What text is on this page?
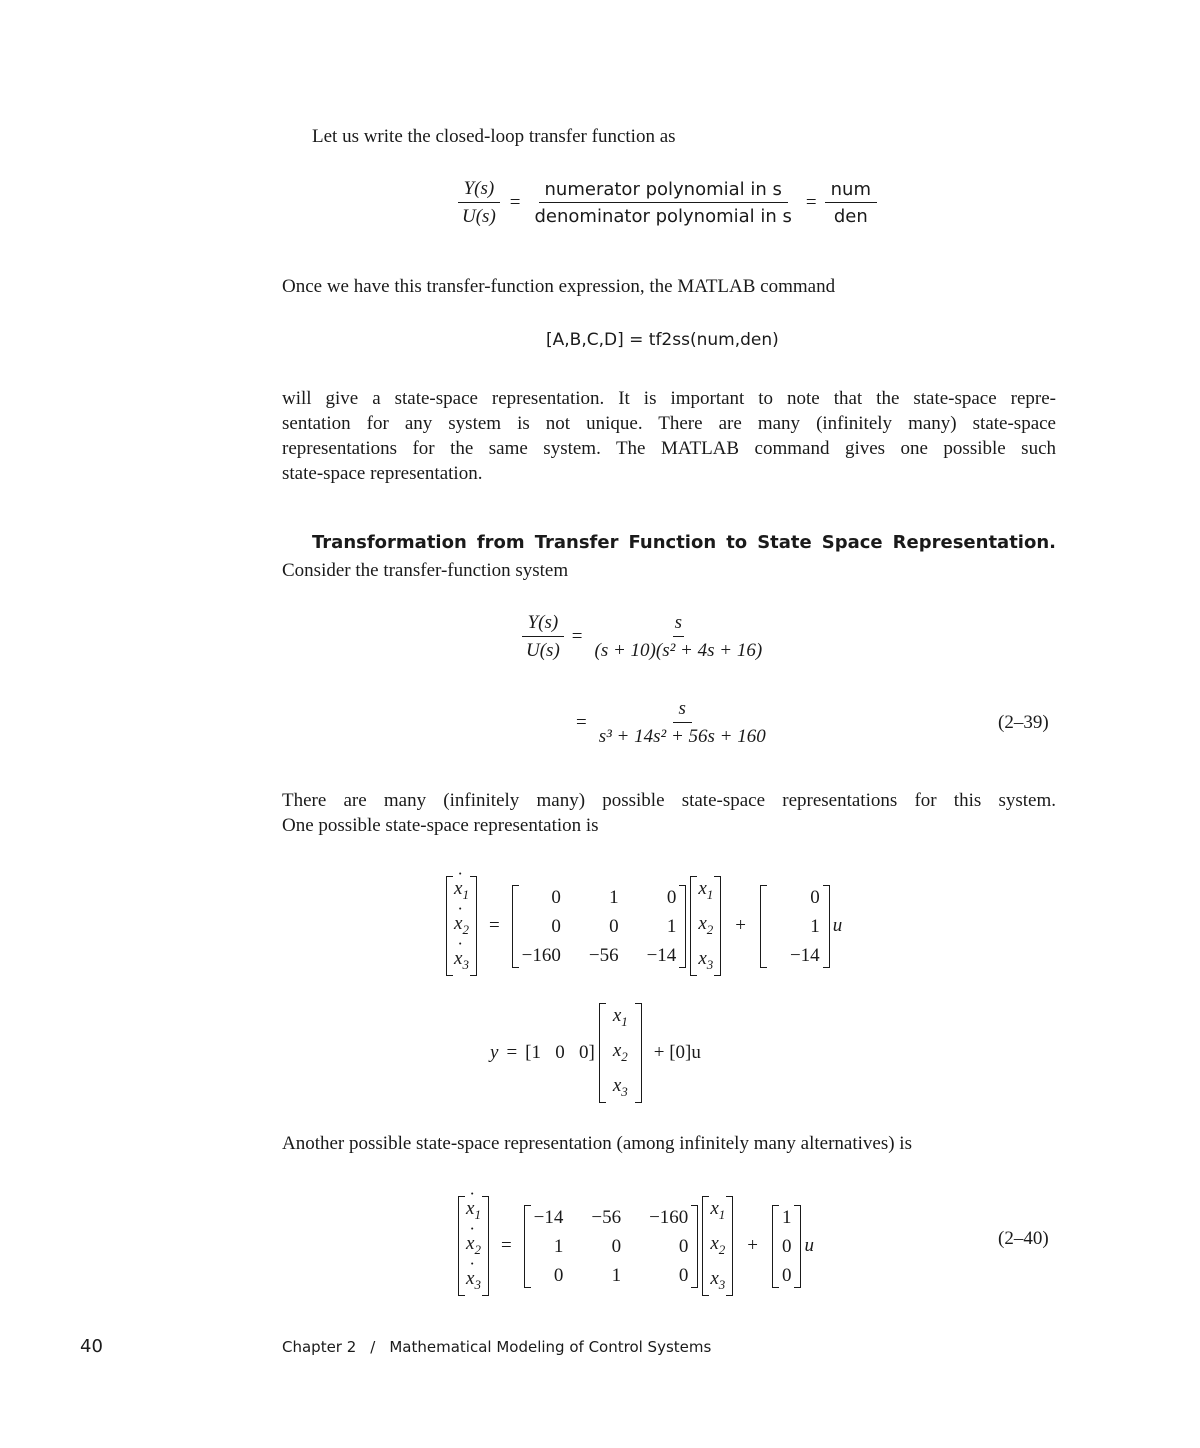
Let us write the closed-loop transfer function as
$\frac{Y(s)}{U(s)} = \frac{\text{numerator polynomial in s}}{\text{denominator polynomial in s}} = \frac{\text{num}}{\text{den}}$
Once we have this transfer-function expression, the MATLAB command
[A,B,C,D] = tf2ss(num,den)
will give a state-space representation. It is important to note that the state-space repre-
sentation for any system is not unique. There are many (infinitely many) state-space
representations for the same system. The MATLAB command gives one possible such
state-space representation.
Transformation from Transfer Function to State Space Representation.
Consider the transfer-function system
$\frac{Y(s)}{U(s)} = \frac{s}{\text{(s + 10)(s² + 4s + 16)}}$
= $\frac{s}{\text{s³ + 14s² + 56s + 160}}$	(2–39)
There are many (infinitely many) possible state-space representations for this system.
One possible state-space representation is
˙ $x_1$
˙ $x_2$
˙ $x_3$
=
0	1	0
0	0	1
−160 −56 −14
$x_1$
$x_2$
$x_3$
+
0
1
−14
u
y = [1   0   0]
$x_1$
$x_2$
$x_3$
+ [0]u
Another possible state-space representation (among infinitely many alternatives) is
˙ $x_1$
˙ $x_2$
˙ $x_3$
=
−14 −56 −160
1	0	0
0	1	0
$x_1$
$x_2$
$x_3$
+
1
0
0
u	(2–40)
40	Chapter 2 / Mathematical Modeling of Control Systems
